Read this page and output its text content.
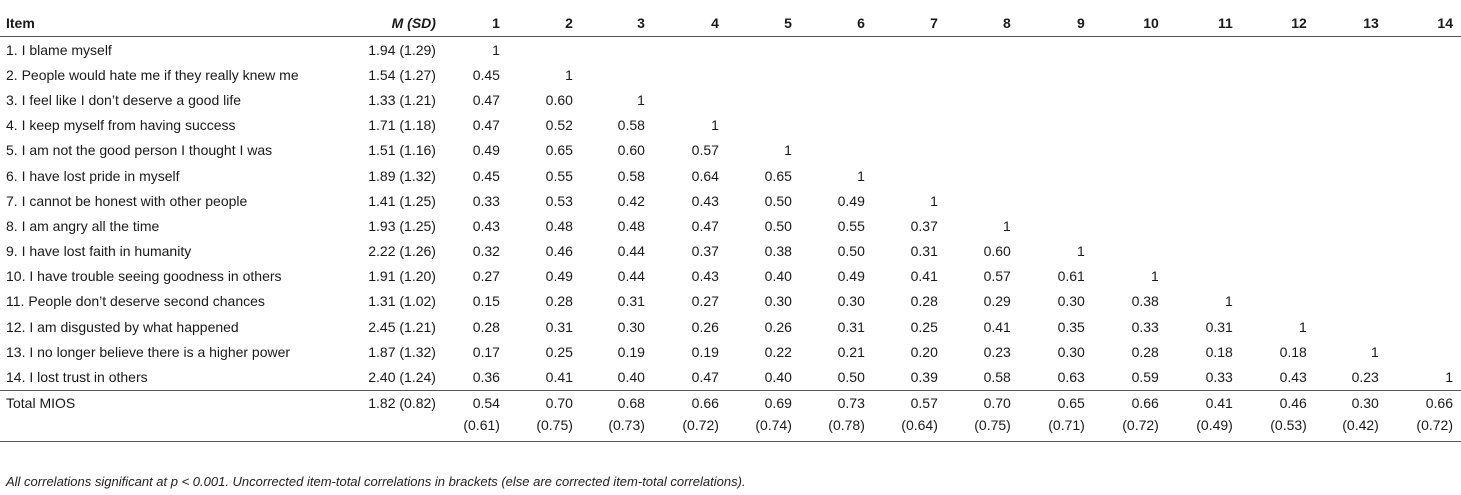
Item	M (SD)	1	2	3	4	5	6	7	8	9	10	11	12	13	14
1. I blame myself	1.94 (1.29)	1													
2. People would hate me if they really knew me	1.54 (1.27)	0.45	1												
3. I feel like I don’t deserve a good life	1.33 (1.21)	0.47	0.60	1											
4. I keep myself from having success	1.71 (1.18)	0.47	0.52	0.58	1										
5. I am not the good person I thought I was	1.51 (1.16)	0.49	0.65	0.60	0.57	1									
6. I have lost pride in myself	1.89 (1.32)	0.45	0.55	0.58	0.64	0.65	1								
7. I cannot be honest with other people	1.41 (1.25)	0.33	0.53	0.42	0.43	0.50	0.49	1							
8. I am angry all the time	1.93 (1.25)	0.43	0.48	0.48	0.47	0.50	0.55	0.37	1						
9. I have lost faith in humanity	2.22 (1.26)	0.32	0.46	0.44	0.37	0.38	0.50	0.31	0.60	1					
10. I have trouble seeing goodness in others	1.91 (1.20)	0.27	0.49	0.44	0.43	0.40	0.49	0.41	0.57	0.61	1				
11. People don’t deserve second chances	1.31 (1.02)	0.15	0.28	0.31	0.27	0.30	0.30	0.28	0.29	0.30	0.38	1			
12. I am disgusted by what happened	2.45 (1.21)	0.28	0.31	0.30	0.26	0.26	0.31	0.25	0.41	0.35	0.33	0.31	1		
13. I no longer believe there is a higher power	1.87 (1.32)	0.17	0.25	0.19	0.19	0.22	0.21	0.20	0.23	0.30	0.28	0.18	0.18	1	
14. I lost trust in others	2.40 (1.24)	0.36	0.41	0.40	0.47	0.40	0.50	0.39	0.58	0.63	0.59	0.33	0.43	0.23	1
Total MIOS	1.82 (0.82)	0.54	0.70	0.68	0.66	0.69	0.73	0.57	0.70	0.65	0.66	0.41	0.46	0.30	0.66
		(0.61)	(0.75)	(0.73)	(0.72)	(0.74)	(0.78)	(0.64)	(0.75)	(0.71)	(0.72)	(0.49)	(0.53)	(0.42)	(0.72)
All correlations significant at p < 0.001. Uncorrected item-total correlations in brackets (else are corrected item-total correlations).
